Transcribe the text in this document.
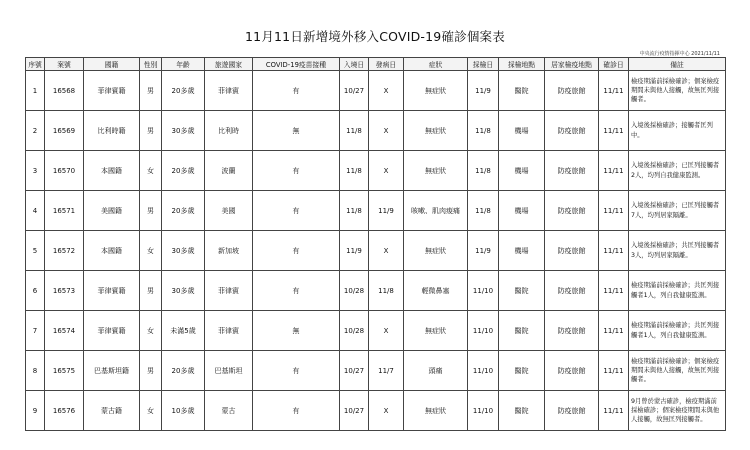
11月11日新增境外移入COVID-19確診個案表
中央流行疫情指揮中心 2021/11/11
序號	案號	國籍	性別	年齡	旅遊國家	COVID-19疫苗接種	入境日	發病日	症狀	採檢日	採檢地點	居家檢疫地點	確診日	備註
1	16568	菲律賓籍	男	20多歲	菲律賓	有	10/27	X	無症狀	11/9	醫院	防疫旅館	11/11	檢疫期滿前採檢確診；個案檢疫期間未與他人接觸，故無匡列接觸者。
2	16569	比利時籍	男	30多歲	比利時	無	11/8	X	無症狀	11/8	機場	防疫旅館	11/11	入境後採檢確診；接觸者匡列中。
3	16570	本國籍	女	20多歲	波蘭	有	11/8	X	無症狀	11/8	機場	防疫旅館	11/11	入境後採檢確診；已匡列接觸者2人，均列自我健康監測。
4	16571	美國籍	男	20多歲	美國	有	11/8	11/9	咳嗽、肌肉痠痛	11/8	機場	防疫旅館	11/11	入境後採檢確診；已匡列接觸者7人，均列居家隔離。
5	16572	本國籍	女	30多歲	新加坡	有	11/9	X	無症狀	11/9	機場	防疫旅館	11/11	入境後採檢確診；共匡列接觸者3人，均列居家隔離。
6	16573	菲律賓籍	男	30多歲	菲律賓	有	10/28	11/8	輕微鼻塞	11/10	醫院	防疫旅館	11/11	檢疫期滿前採檢確診；共匡列接觸者1人，列自我健康監測。
7	16574	菲律賓籍	女	未滿5歲	菲律賓	無	10/28	X	無症狀	11/10	醫院	防疫旅館	11/11	檢疫期滿前採檢確診；共匡列接觸者1人，列自我健康監測。
8	16575	巴基斯坦籍	男	20多歲	巴基斯坦	有	10/27	11/7	頭痛	11/10	醫院	防疫旅館	11/11	檢疫期滿前採檢確診；個案檢疫期間未與他人接觸，故無匡列接觸者。
9	16576	蒙古籍	女	10多歲	蒙古	有	10/27	X	無症狀	11/10	醫院	防疫旅館	11/11	9月曾於蒙古確診，檢疫期滿前採檢確診；個案檢疫期間未與他人接觸，故無匡列接觸者。
